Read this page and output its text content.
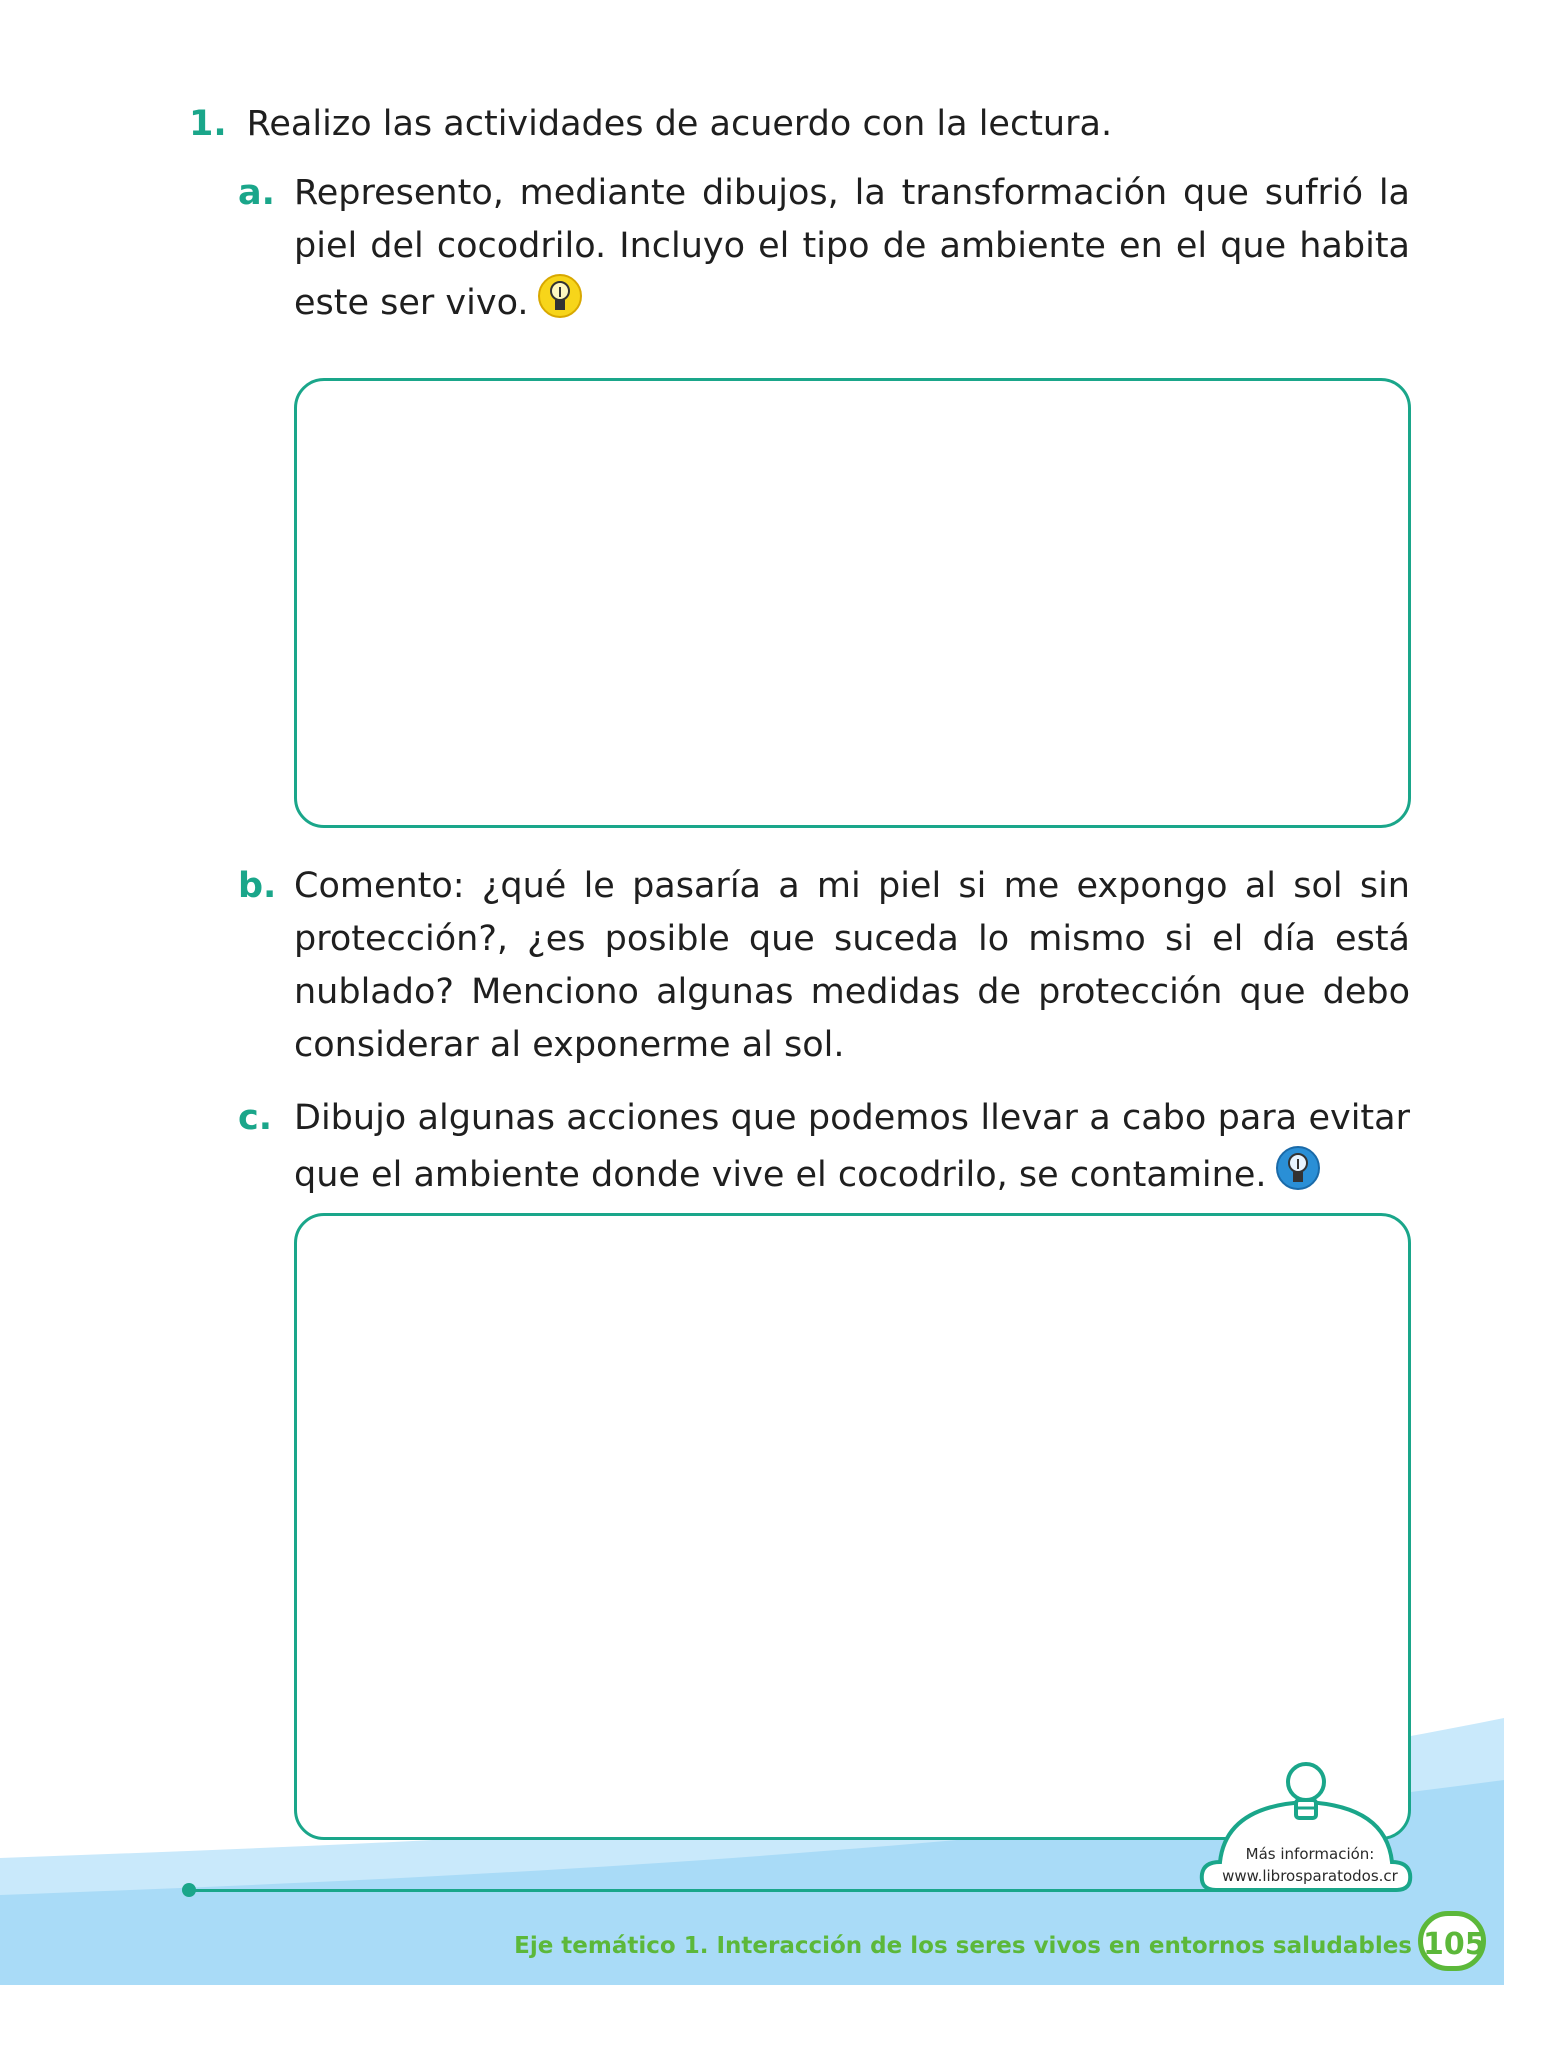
1. Realizo las actividades de acuerdo con la lectura.
a. Represento, mediante dibujos, la transformación que sufrió la piel del cocodrilo. Incluyo el tipo de ambiente en el que habita este ser vivo.
b. Comento: ¿qué le pasaría a mi piel si me expongo al sol sin protección?, ¿es posible que suceda lo mismo si el día está nublado? Menciono algunas medidas de protección que debo considerar al exponerme al sol.
c. Dibujo algunas acciones que podemos llevar a cabo para evitar que el ambiente donde vive el cocodrilo, se contamine.
Más información:
www.librosparatodos.cr
Eje temático 1. Interacción de los seres vivos en entornos saludables 105
